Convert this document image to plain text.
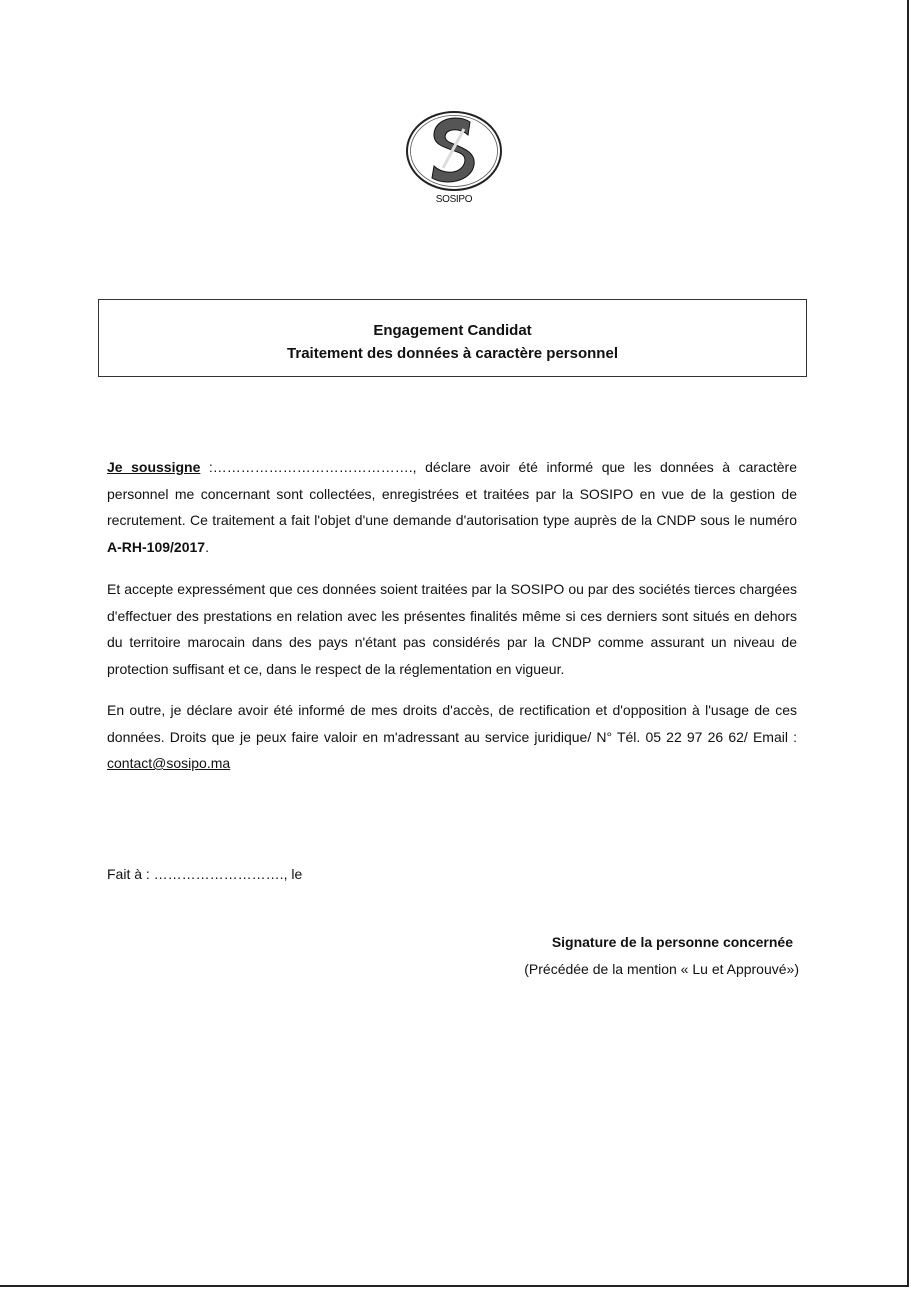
SOSIPO
Engagement Candidat
Traitement des données à caractère personnel

Je soussigne :……………………………………., déclare avoir été informé que les données à caractère personnel me concernant sont collectées, enregistrées et traitées par la SOSIPO en vue de la gestion de recrutement. Ce traitement a fait l'objet d'une demande d'autorisation type auprès de la CNDP sous le numéro A-RH-109/2017.

Et accepte expressément que ces données soient traitées par la SOSIPO ou par des sociétés tierces chargées d'effectuer des prestations en relation avec les présentes finalités même si ces derniers sont situés en dehors du territoire marocain dans des pays n'étant pas considérés par la CNDP comme assurant un niveau de protection suffisant et ce, dans le respect de la réglementation en vigueur.

En outre, je déclare avoir été informé de mes droits d'accès, de rectification et d'opposition à l'usage de ces données. Droits que je peux faire valoir en m'adressant au service juridique/ N° Tél. 05 22 97 26 62/ Email : contact@sosipo.ma

Fait à : ………………………., le
Signature de la personne concernée
(Précédée de la mention « Lu et Approuvé»)
